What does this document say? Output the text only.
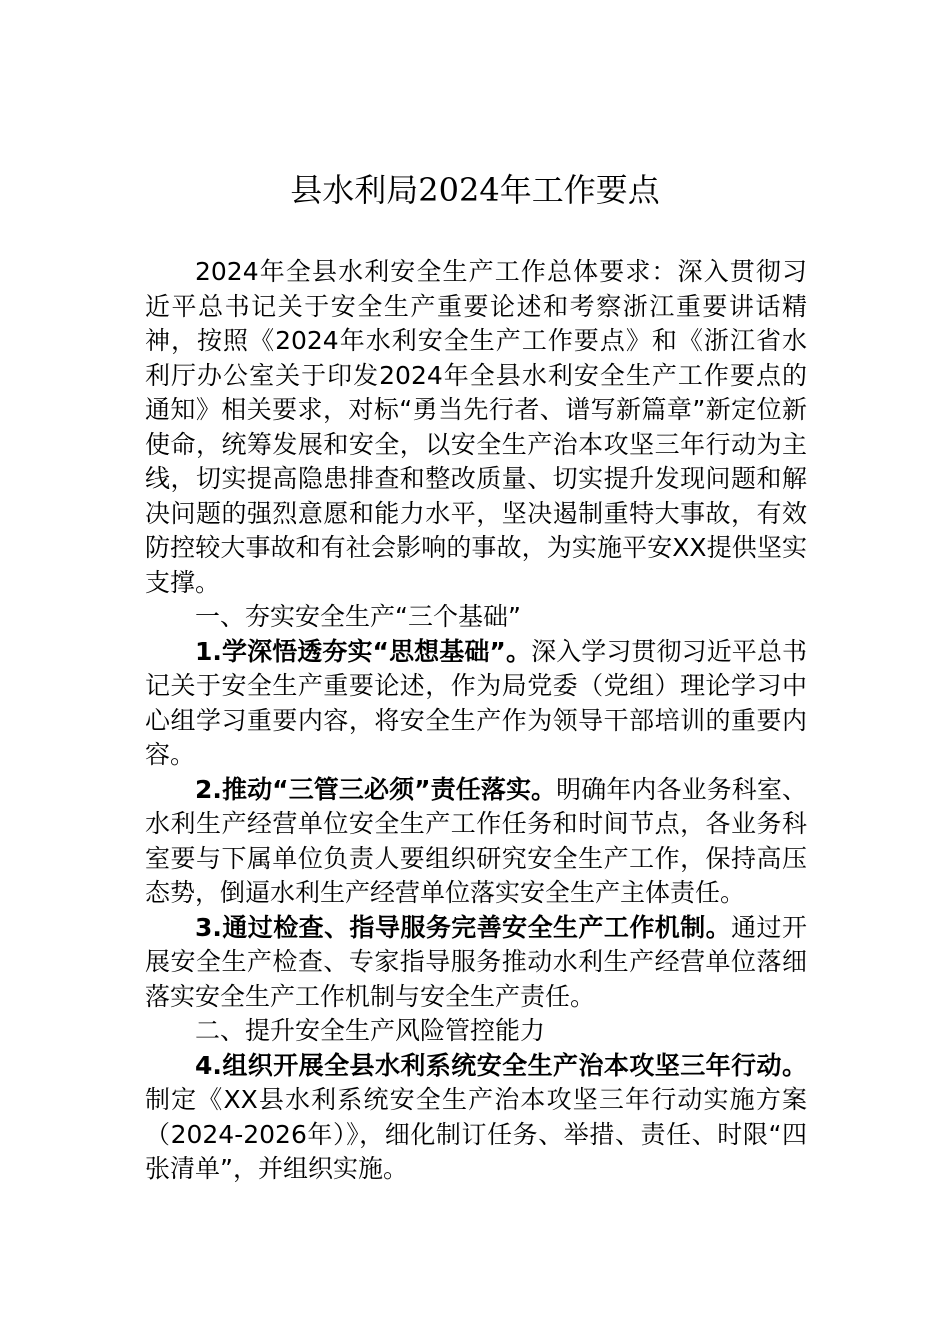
县水利局2024年工作要点

2024年全县水利安全生产工作总体要求：深入贯彻习近平总书记关于安全生产重要论述和考察浙江重要讲话精神，按照《2024年水利安全生产工作要点》和《浙江省水利厅办公室关于印发2024年全县水利安全生产工作要点的通知》相关要求，对标“勇当先行者、谱写新篇章”新定位新使命，统筹发展和安全，以安全生产治本攻坚三年行动为主线，切实提高隐患排查和整改质量、切实提升发现问题和解决问题的强烈意愿和能力水平，坚决遏制重特大事故，有效防控较大事故和有社会影响的事故，为实施平安XX提供坚实支撑。

一、夯实安全生产“三个基础”

1.学深悟透夯实“思想基础”。深入学习贯彻习近平总书记关于安全生产重要论述，作为局党委（党组）理论学习中心组学习重要内容，将安全生产作为领导干部培训的重要内容。

2.推动“三管三必须”责任落实。明确年内各业务科室、水利生产经营单位安全生产工作任务和时间节点，各业务科室要与下属单位负责人要组织研究安全生产工作，保持高压态势，倒逼水利生产经营单位落实安全生产主体责任。

3.通过检查、指导服务完善安全生产工作机制。通过开展安全生产检查、专家指导服务推动水利生产经营单位落细落实安全生产工作机制与安全生产责任。

二、提升安全生产风险管控能力

4.组织开展全县水利系统安全生产治本攻坚三年行动。制定《XX县水利系统安全生产治本攻坚三年行动实施方案（2024-2026年）》，细化制订任务、举措、责任、时限“四张清单”，并组织实施。
